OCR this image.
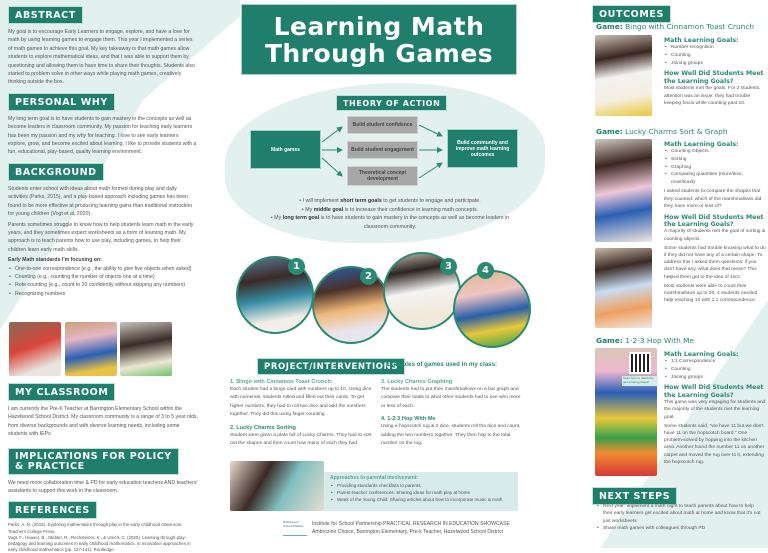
ABSTRACT

My goal is to encourage Early Learners to engage, explore, and have a love for math by using learning games to engage them. This year I implemented a series of math games to achieve this goal. My key takeaway is that math games allow students to explore mathematical ideas, and that I was able to support them by questioning and allowing them to have time to share their thoughts. Students also started to problem solve in other ways while playing math games, creatively thinking outside the box.

PERSONAL WHY

My long term goal is to have students to gain mastery in the concepts as well as become leaders in classroom community. My passion for teaching early learners has been my passion and my why for teaching. I love to see early learners explore, grow, and become excited about learning. I like to provide students with a fun, educational, play-based, quality learning environment.

BACKGROUND

Students enter school with ideas about math formed during play and daily activities (Parks, 2015), and a play-based approach including games has been found to be more effective at producing learning gains than traditional instruction for young children (Vogt et al, 2020).

Parents sometimes struggle to know how to help students learn math in the early years, and they sometimes expect worksheets as a form of learning math. My approach is to teach parents how to use play, including games, to help their children learn early math skills.

Early Math standards I'm focusing on:

• One-to-one correspondence (e.g., the ability to give five objects when asked)
• Counting (e.g., counting the number of objects one at a time)
• Rote counting (e.g., count to 20 confidently without skipping any numbers)
• Recognizing numbers
MY CLASSROOM

I am currently the Pre-K Teacher at Barrington Elementary School within the Hazelwood School District. My classroom community is a range of 3 to 5 year olds, from diverse backgrounds and with diverse learning needs, including some students with IEPs.

IMPLICATIONS FOR POLICY
& PRACTICE

We need more collaboration time & PD for early education teachers AND teachers' assistants to support this work in the classroom.

REFERENCES

Parks, A. N. (2015). Exploring mathematics through play in the early childhood classroom. Teachers College Press.

Vogt, F., Hauser, B., Stebler, R., Rechsteiner, K., & Urech, C. (2020). Learning through play-pedagogy and learning outcomes in early childhood mathematics. In Innovative approaches in early childhood mathematics (pp. 127-141). Routledge.

Learning Math
Through Games
THEORY OF ACTION
Math games
Build student confidence
Build student engagement
Theoretical concept development
Build community and improve math learning outcomes
• I will implement short term goals to get students to engage and participate.
• My middle goal is to increase their confidence in learning math concepts.
• My long term goal is to have students to gain mastery in the concepts as well as become leaders in classroom community.
1
2
3	4
PROJECT/INTERVENTIONS
Examples of games used in my class:
1. Bingo with Cinnamon Toast Crunch:

Each student had a bingo card with numbers up to 10. Using dice with numerals, students rolled and filled out their cards. To get higher numbers, they had to roll two dice and add the numbers together. They did this using finger counting.

2. Lucky Charms Sorting

Student were given a plate full of Lucky Charms. They had to sort out the shapes and then count how many of each they had.

3. Lucky Charms Graphing

The students had to put their marshmallows on a bar graph and compare their totals to what other students had to see who more or less of each.

4. 1-2-3 Hop With Me

Using a hopscotch rug & 2 dice, students roll the dice and count, adding the two numbers together. They then hop to the total number on the rug.

Approaches to parental involvement:
• Providing standards checklists to parents
• Parent-teacher conferences: Sharing ideas for math play at home
• Week of the Young Child: Sharing articles about how to incorporate music & math
Hazelwood School District	Institute for School Partnership PRACTICAL RESEARCH IN EDUCATION SHOWCASE
Ambrozine Choice, Barrington Elementary, Pre-k Teacher, Hazelwood School District
OUTCOMES
Game: Bingo with Cinnamon Toast Crunch
Math Learning Goals:
• Number recognition
• Counting
• Joining groups
How Well Did Students Meet the Learning Goals?

Most students met the goals. For 2 students, attention was an issue: they had trouble keeping focus while counting past 10.

Game: Lucky Charms Sort & Graph
Math Learning Goals:
• Counting Objects
• Sorting
• Graphing
• Comparing quantities (more/less, most/least)

I asked students to compare the shapes that they counted: which of the marshmallows did they have more or less of?

How Well Did Students Meet the Learning Goals?

A majority of students met the goal of sorting & counting objects.

Some students had trouble knowing what to do if they did not have any of a certain shape. To address this I asked them questions: if you don't have any, what does that mean? This helped them get to the idea of zero.

Most students were able to count their marshmallows up to 20. 4 students needed help reaching 10 with 1:1 correspondence.

Game: 1-2-3 Hop With Me
Scan here to watch the game being played!
Math Learning Goals:
• 1:1 Correspondence
• Counting
• Joining groups
How Well Did Students Meet the Learning Goals?

This game was very engaging for students and the majority of the students met the learning goal.

Some students said, "we have 11 but we don't have 11 on the hopscotch board." One problem-solved by hopping into the kitchen area. Another found the number 11 on another carpet and moved the rug over to it, extending the hopscotch rug.

NEXT STEPS
• Next year: implement a math night to teach parents about how to help their early learners get excited about math at home and know that it's not just worksheets
• Share math games with colleagues through PD
